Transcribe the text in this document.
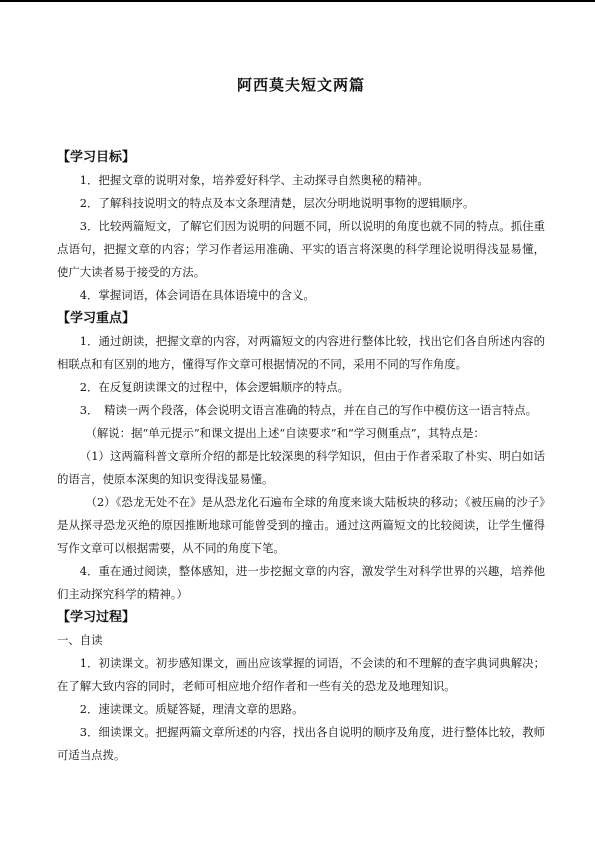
阿西莫夫短文两篇

【学习目标】

1．把握文章的说明对象，培养爱好科学、主动探寻自然奥秘的精神。

2．了解科技说明文的特点及本文条理清楚，层次分明地说明事物的逻辑顺序。

3．比较两篇短文，了解它们因为说明的问题不同，所以说明的角度也就不同的特点。抓住重点语句，把握文章的内容；学习作者运用准确、平实的语言将深奥的科学理论说明得浅显易懂，使广大读者易于接受的方法。

4．掌握词语，体会词语在具体语境中的含义。

【学习重点】

1．通过朗读，把握文章的内容，对两篇短文的内容进行整体比较，找出它们各自所述内容的相联点和有区别的地方，懂得写作文章可根据情况的不同，采用不同的写作角度。

2．在反复朗读课文的过程中，体会逻辑顺序的特点。

3．　精读一两个段落，体会说明文语言准确的特点，并在自己的写作中模仿这一语言特点。

（解说：据“单元提示”和课文提出上述“自读要求”和“学习侧重点”，其特点是：

（1）这两篇科普文章所介绍的都是比较深奥的科学知识，但由于作者采取了朴实、明白如话的语言，使原本深奥的知识变得浅显易懂。

（2）《恐龙无处不在》是从恐龙化石遍布全球的角度来谈大陆板块的移动；《被压扁的沙子》是从探寻恐龙灭绝的原因推断地球可能曾受到的撞击。通过这两篇短文的比较阅读，让学生懂得写作文章可以根据需要，从不同的角度下笔。

4．重在通过阅读，整体感知，进一步挖掘文章的内容，激发学生对科学世界的兴趣，培养他们主动探究科学的精神。）

【学习过程】

一、自读

1．初读课文。初步感知课文，画出应该掌握的词语，不会读的和不理解的查字典词典解决；在了解大致内容的同时，老师可相应地介绍作者和一些有关的恐龙及地理知识。

2．速读课文。质疑答疑，理清文章的思路。

3．细读课文。把握两篇文章所述的内容，找出各自说明的顺序及角度，进行整体比较，教师可适当点拨。
